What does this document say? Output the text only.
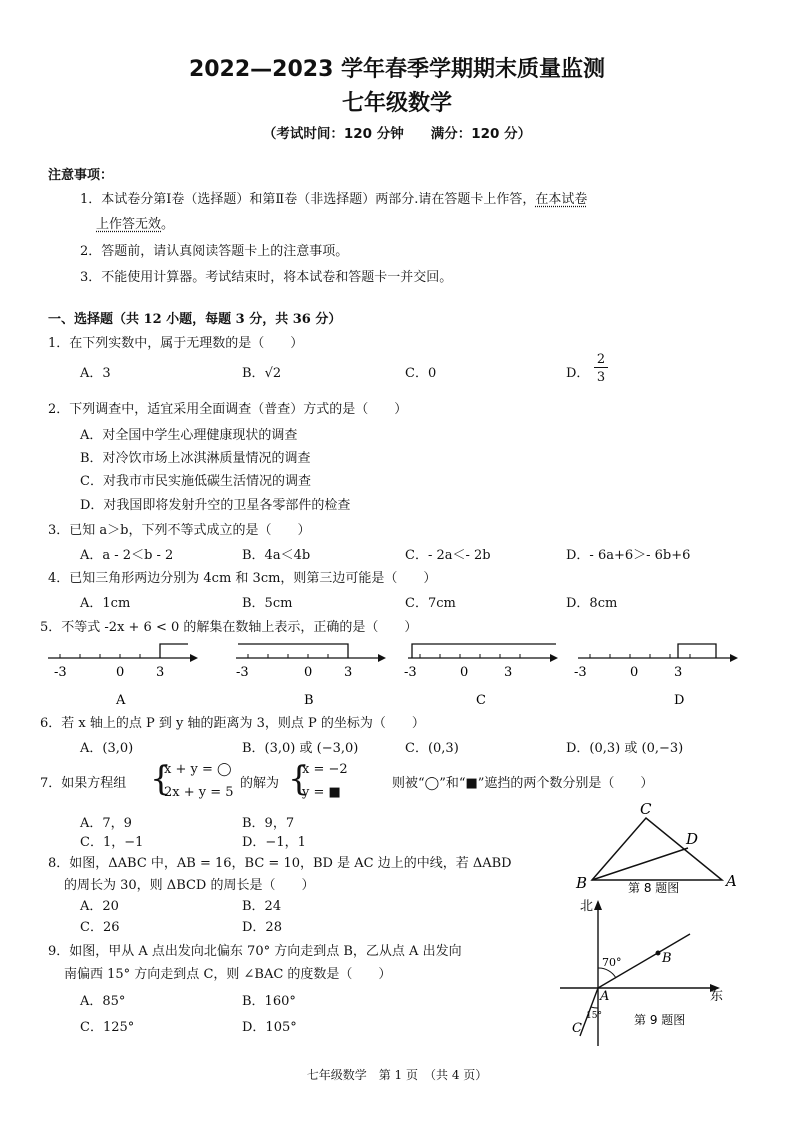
2022—2023 学年春季学期期末质量监测
七年级数学
（考试时间：120 分钟　　满分：120 分）
注意事项：
1．本试卷分第Ⅰ卷（选择题）和第Ⅱ卷（非选择题）两部分.请在答题卡上作答，在本试卷
上作答无效。
2．答题前，请认真阅读答题卡上的注意事项。
3．不能使用计算器。考试结束时，将本试卷和答题卡一并交回。
一、选择题（共 12 小题，每题 3 分，共 36 分）
1．在下列实数中，属于无理数的是（　　）
A．3	B．√2	C．0	D．
2
3
2．下列调查中，适宜采用全面调查（普查）方式的是（　　）
A．对全国中学生心理健康现状的调查
B．对冷饮市场上冰淇淋质量情况的调查
C．对我市市民实施低碳生活情况的调查
D．对我国即将发射升空的卫星各零部件的检查
3．已知 a＞b，下列不等式成立的是（　　）
A．a - 2＜b - 2	B．4a＜4b	C．- 2a＜- 2b	D．- 6a+6＞- 6b+6
4．已知三角形两边分别为 4cm 和 3cm，则第三边可能是（　　）
A．1cm	B．5cm	C．7cm	D．8cm
5．不等式 -2x + 6 < 0 的解集在数轴上表示，正确的是（　　）
-3	0 3
A
-3	0 3
B
-3	0	3
C
-3	0	3
D
6．若 x 轴上的点 P 到 y 轴的距离为 3，则点 P 的坐标为（　　）
A．(3,0)	B．(3,0) 或 (−3,0)	C．(0,3)	D．(0,3) 或 (0,−3)
7．如果方程组 {
x + y = ◯
2x + y = 5
的解为 {
x = −2
y = ■
则被“◯”和“■”遮挡的两个数分别是（　　）
A．7，9	B．9，7
C．1，−1	D．−1，1
8．如图，ΔABC 中，AB = 16，BC = 10，BD 是 AC 边上的中线，若 ΔABD
的周长为 30，则 ΔBCD 的周长是（　　）
A．20	B．24
C．26	D．28
C
D
B	A
第 8 题图
9．如图，甲从 A 点出发向北偏东 70° 方向走到点 B，乙从点 A 出发向
南偏西 15° 方向走到点 C，则 ∠BAC 的度数是（　　）
A．85°	B．160°
C．125°	D．105°
北
东
70°
15°
B
A
C
第 9 题图
七年级数学　第 1 页　（共 4 页）
